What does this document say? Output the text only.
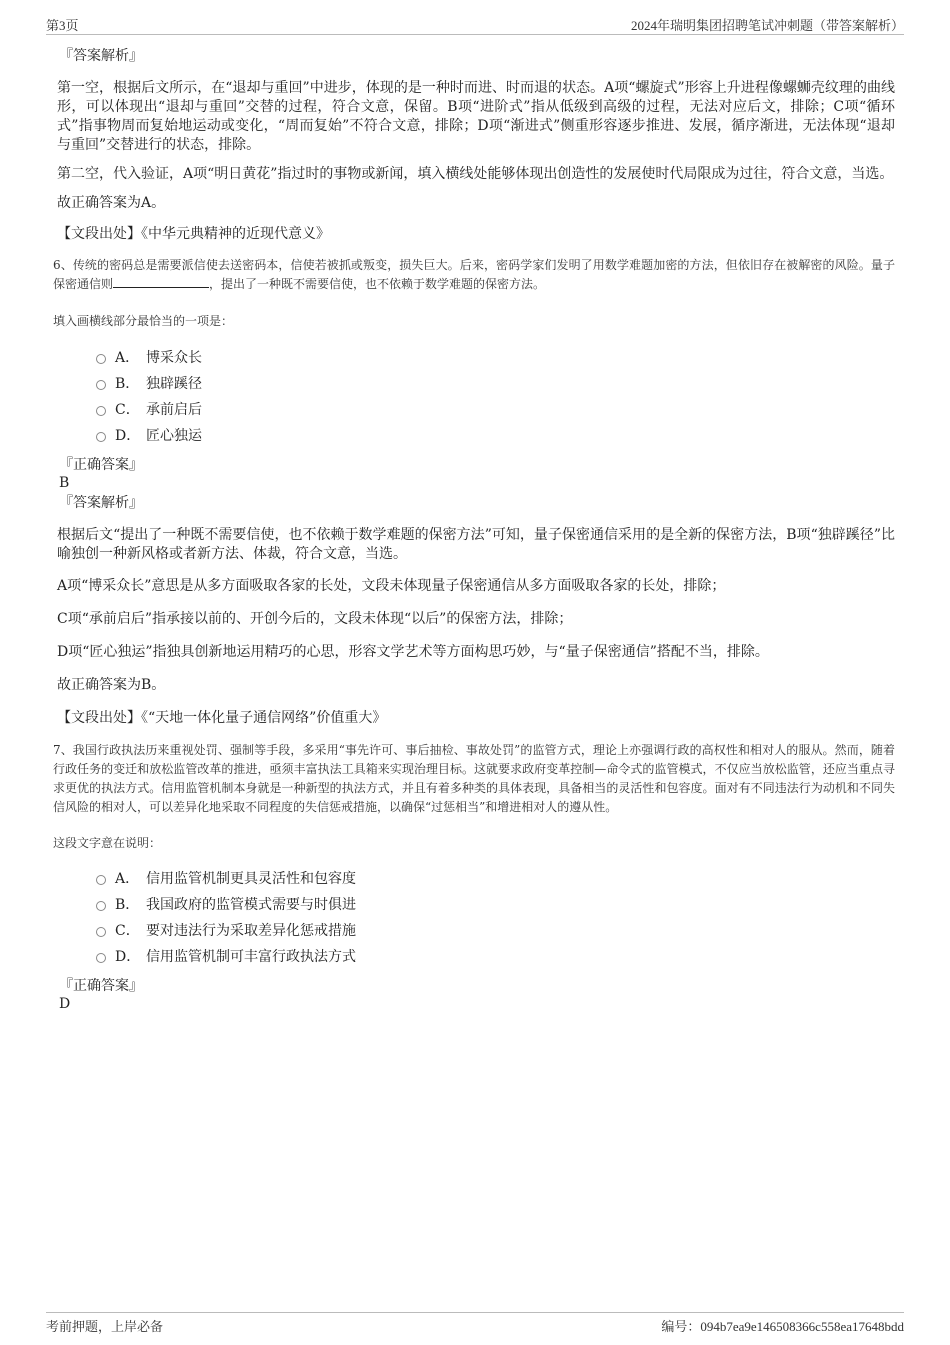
第3页	2024年瑞明集团招聘笔试冲刺题（带答案解析）
『答案解析』

第一空，根据后文所示，在“退却与重回”中进步，体现的是一种时而进、时而退的状态。A项“螺旋式”形容上升进程像螺蛳壳纹理的曲线形，可以体现出“退却与重回”交替的过程，符合文意，保留。B项“进阶式”指从低级到高级的过程，无法对应后文，排除；C项“循环式”指事物周而复始地运动或变化，“周而复始”不符合文意，排除；D项“渐进式”侧重形容逐步推进、发展，循序渐进，无法体现“退却与重回”交替进行的状态，排除。

第二空，代入验证，A项“明日黄花”指过时的事物或新闻，填入横线处能够体现出创造性的发展使时代局限成为过往，符合文意，当选。

故正确答案为A。

【文段出处】《中华元典精神的近现代意义》

6、传统的密码总是需要派信使去送密码本，信使若被抓或叛变，损失巨大。后来，密码学家们发明了用数学难题加密的方法，但依旧存在被解密的风险。量子保密通信则	，提出了一种既不需要信使，也不依赖于数学难题的保密方法。

填入画横线部分最恰当的一项是：

A． 博采众长
B． 独辟蹊径
C． 承前启后
D． 匠心独运
『正确答案』
B
『答案解析』

根据后文“提出了一种既不需要信使，也不依赖于数学难题的保密方法”可知，量子保密通信采用的是全新的保密方法，B项“独辟蹊径”比喻独创一种新风格或者新方法、体裁，符合文意，当选。

A项“博采众长”意思是从多方面吸取各家的长处，文段未体现量子保密通信从多方面吸取各家的长处，排除；

C项“承前启后”指承接以前的、开创今后的，文段未体现“以后”的保密方法，排除；

D项“匠心独运”指独具创新地运用精巧的心思，形容文学艺术等方面构思巧妙，与“量子保密通信”搭配不当，排除。

故正确答案为B。

【文段出处】《“天地一体化量子通信网络”价值重大》

7、我国行政执法历来重视处罚、强制等手段，多采用“事先许可、事后抽检、事故处罚”的监管方式，理论上亦强调行政的高权性和相对人的服从。然而，随着行政任务的变迁和放松监管改革的推进，亟须丰富执法工具箱来实现治理目标。这就要求政府变革控制—命令式的监管模式，不仅应当放松监管，还应当重点寻求更优的执法方式。信用监管机制本身就是一种新型的执法方式，并且有着多种类的具体表现，具备相当的灵活性和包容度。面对有不同违法行为动机和不同失信风险的相对人，可以差异化地采取不同程度的失信惩戒措施，以确保“过惩相当”和增进相对人的遵从性。

这段文字意在说明：

A． 信用监管机制更具灵活性和包容度
B． 我国政府的监管模式需要与时俱进
C． 要对违法行为采取差异化惩戒措施
D． 信用监管机制可丰富行政执法方式
『正确答案』
D
考前押题，上岸必备	编号：094b7ea9e146508366c558ea17648bdd
